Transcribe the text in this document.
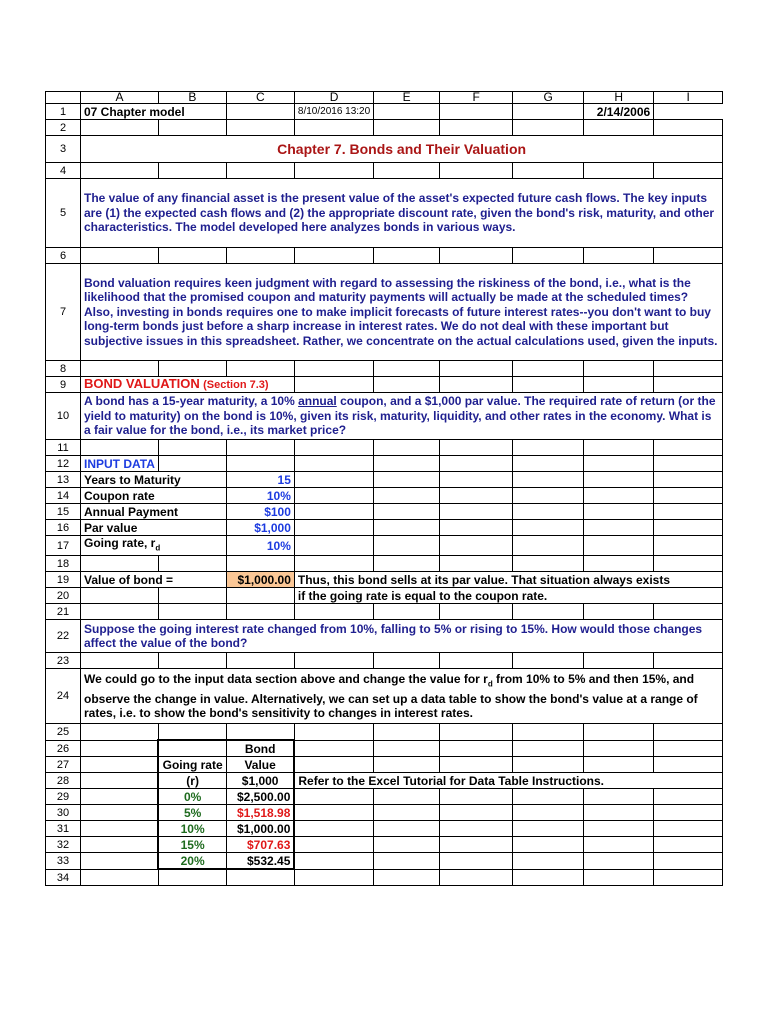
	A	B	C	D	E	F	G	H	I
1	07 Chapter model			8/10/2016 13:20				2/14/2006	
2									
3	Chapter 7. Bonds and Their Valuation								
4									
5	The value of any financial asset is the present value of the asset's expected future cash flows. The key inputs are (1) the expected cash flows and (2) the appropriate discount rate, given the bond's risk, maturity, and other characteristics. The model developed here analyzes bonds in various ways.								
6									
7	Bond valuation requires keen judgment with regard to assessing the riskiness of the bond, i.e., what is the likelihood that the promised coupon and maturity payments will actually be made at the scheduled times? Also, investing in bonds requires one to make implicit forecasts of future interest rates--you don't want to buy long-term bonds just before a sharp increase in interest rates. We do not deal with these important but subjective issues in this spreadsheet. Rather, we concentrate on the actual calculations used, given the inputs.								
8									
9	BOND VALUATION (Section 7.3)								
10	A bond has a 15-year maturity, a 10% annual coupon, and a $1,000 par value. The required rate of return (or the yield to maturity) on the bond is 10%, given its risk, maturity, liquidity, and other rates in the economy. What is a fair value for the bond, i.e., its market price?								
11									
12	INPUT DATA								
13	Years to Maturity		15						
14	Coupon rate		10%						
15	Annual Payment		$100						
16	Par value		$1,000						
17	Going rate, $r_d$		10%						
18									
19	Value of bond =		$1,000.00	Thus, this bond sells at its par value. That situation always exists					
20				if the going rate is equal to the coupon rate.					
21									
22	Suppose the going interest rate changed from 10%, falling to 5% or rising to 15%. How would those changes affect the value of the bond?								
23									
24	We could go to the input data section above and change the value for $r_d$ from 10% to 5% and then 15%, and observe the change in value. Alternatively, we can set up a data table to show the bond's value at a range of rates, i.e. to show the bond's sensitivity to changes in interest rates.								
25									
26			Bond						
27		Going rate	Value						
28		(r)	$1,000	Refer to the Excel Tutorial for Data Table Instructions.					
29		0%	$2,500.00						
30		5%	$1,518.98						
31		10%	$1,000.00						
32		15%	$707.63						
33		20%	$532.45						
34									
